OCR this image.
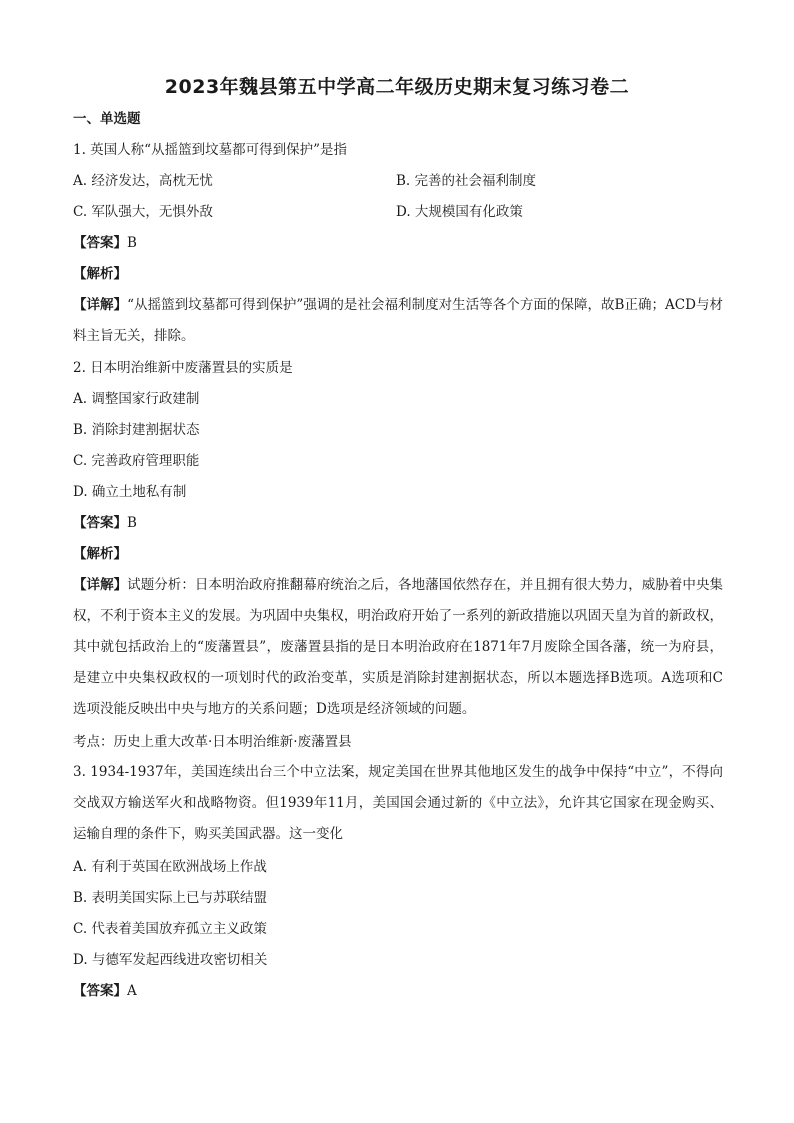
2023年魏县第五中学高二年级历史期末复习练习卷二
一、单选题
1. 英国人称“从摇篮到坟墓都可得到保护”是指
A. 经济发达，高枕无忧	B. 完善的社会福利制度
C. 军队强大，无惧外敌	D. 大规模国有化政策
【答案】B
【解析】
【详解】“从摇篮到坟墓都可得到保护”强调的是社会福利制度对生活等各个方面的保障，故B正确；ACD与材料主旨无关，排除。
2. 日本明治维新中废藩置县的实质是
A. 调整国家行政建制
B. 消除封建割据状态
C. 完善政府管理职能
D. 确立土地私有制
【答案】B
【解析】
【详解】试题分析：日本明治政府推翻幕府统治之后，各地藩国依然存在，并且拥有很大势力，威胁着中央集权，不利于资本主义的发展。为巩固中央集权，明治政府开始了一系列的新政措施以巩固天皇为首的新政权，其中就包括政治上的“废藩置县”，废藩置县指的是日本明治政府在1871年7月废除全国各藩，统一为府县，是建立中央集权政权的一项划时代的政治变革，实质是消除封建割据状态，所以本题选择B选项。A选项和C选项没能反映出中央与地方的关系问题；D选项是经济领域的问题。
考点：历史上重大改革·日本明治维新·废藩置县
3. 1934-1937年，美国连续出台三个中立法案，规定美国在世界其他地区发生的战争中保持“中立”，不得向交战双方输送军火和战略物资。但1939年11月，美国国会通过新的《中立法》，允许其它国家在现金购买、运输自理的条件下，购买美国武器。这一变化
A. 有利于英国在欧洲战场上作战
B. 表明美国实际上已与苏联结盟
C. 代表着美国放弃孤立主义政策
D. 与德军发起西线进攻密切相关
【答案】A
